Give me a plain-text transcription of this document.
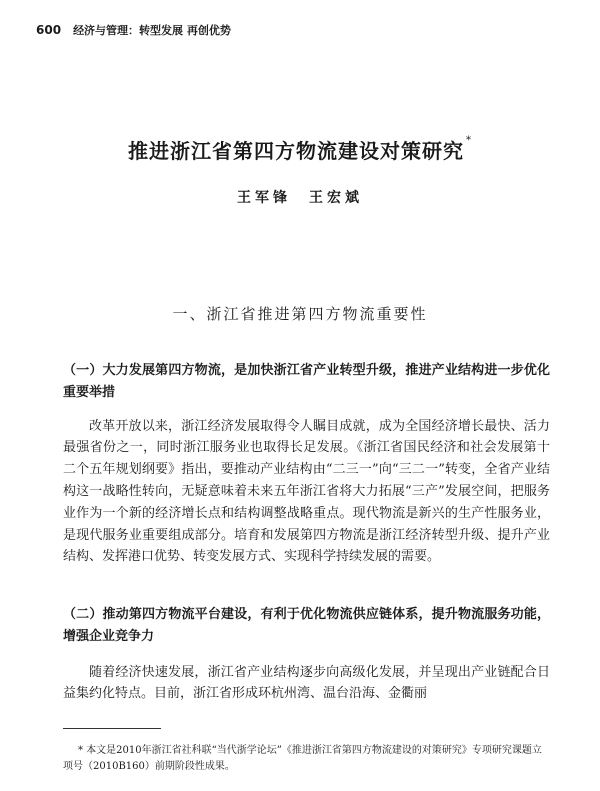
600 经济与管理：转型发展 再创优势
推进浙江省第四方物流建设对策研究 *
王军锋　王宏斌
一、浙江省推进第四方物流重要性
（一）大力发展第四方物流，是加快浙江省产业转型升级，推进产业结构进一步优化重要举措
改革开放以来，浙江经济发展取得令人瞩目成就，成为全国经济增长最快、活力最强省份之一，同时浙江服务业也取得长足发展。《浙江省国民经济和社会发展第十二个五年规划纲要》指出，要推动产业结构由“二三一”向“三二一”转变，全省产业结构这一战略性转向，无疑意味着未来五年浙江省将大力拓展“三产”发展空间，把服务业作为一个新的经济增长点和结构调整战略重点。现代物流是新兴的生产性服务业，是现代服务业重要组成部分。培育和发展第四方物流是浙江经济转型升级、提升产业结构、发挥港口优势、转变发展方式、实现科学持续发展的需要。
（二）推动第四方物流平台建设，有利于优化物流供应链体系，提升物流服务功能，增强企业竞争力
随着经济快速发展，浙江省产业结构逐步向高级化发展，并呈现出产业链配合日益集约化特点。目前，浙江省形成环杭州湾、温台沿海、金衢丽
* 本文是2010年浙江省社科联“当代浙学论坛”《推进浙江省第四方物流建设的对策研究》专项研究课题立项号（2010B160）前期阶段性成果。
